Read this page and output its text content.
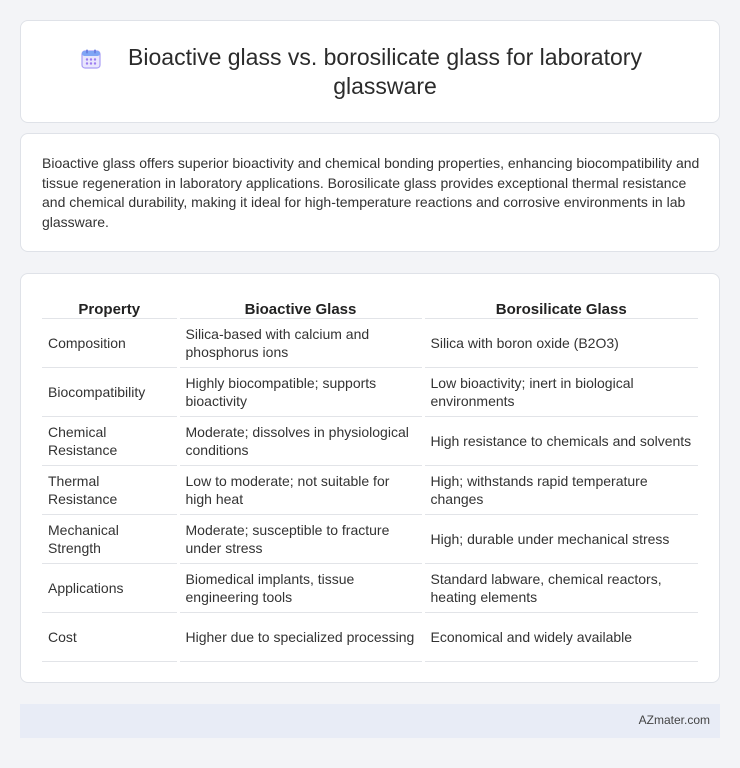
Bioactive glass vs. borosilicate glass for laboratory glassware

Bioactive glass offers superior bioactivity and chemical bonding properties, enhancing biocompatibility and tissue regeneration in laboratory applications. Borosilicate glass provides exceptional thermal resistance and chemical durability, making it ideal for high-temperature reactions and corrosive environments in lab glassware.

Property	Bioactive Glass	Borosilicate Glass
Composition	Silica-based with calcium and phosphorus ions	Silica with boron oxide (B2O3)
Biocompatibility	Highly biocompatible; supports bioactivity	Low bioactivity; inert in biological environments
Chemical Resistance	Moderate; dissolves in physiological conditions	High resistance to chemicals and solvents
Thermal Resistance	Low to moderate; not suitable for high heat	High; withstands rapid temperature changes
Mechanical Strength	Moderate; susceptible to fracture under stress	High; durable under mechanical stress
Applications	Biomedical implants, tissue engineering tools	Standard labware, chemical reactors, heating elements
Cost	Higher due to specialized processing	Economical and widely available
AZmater.com
